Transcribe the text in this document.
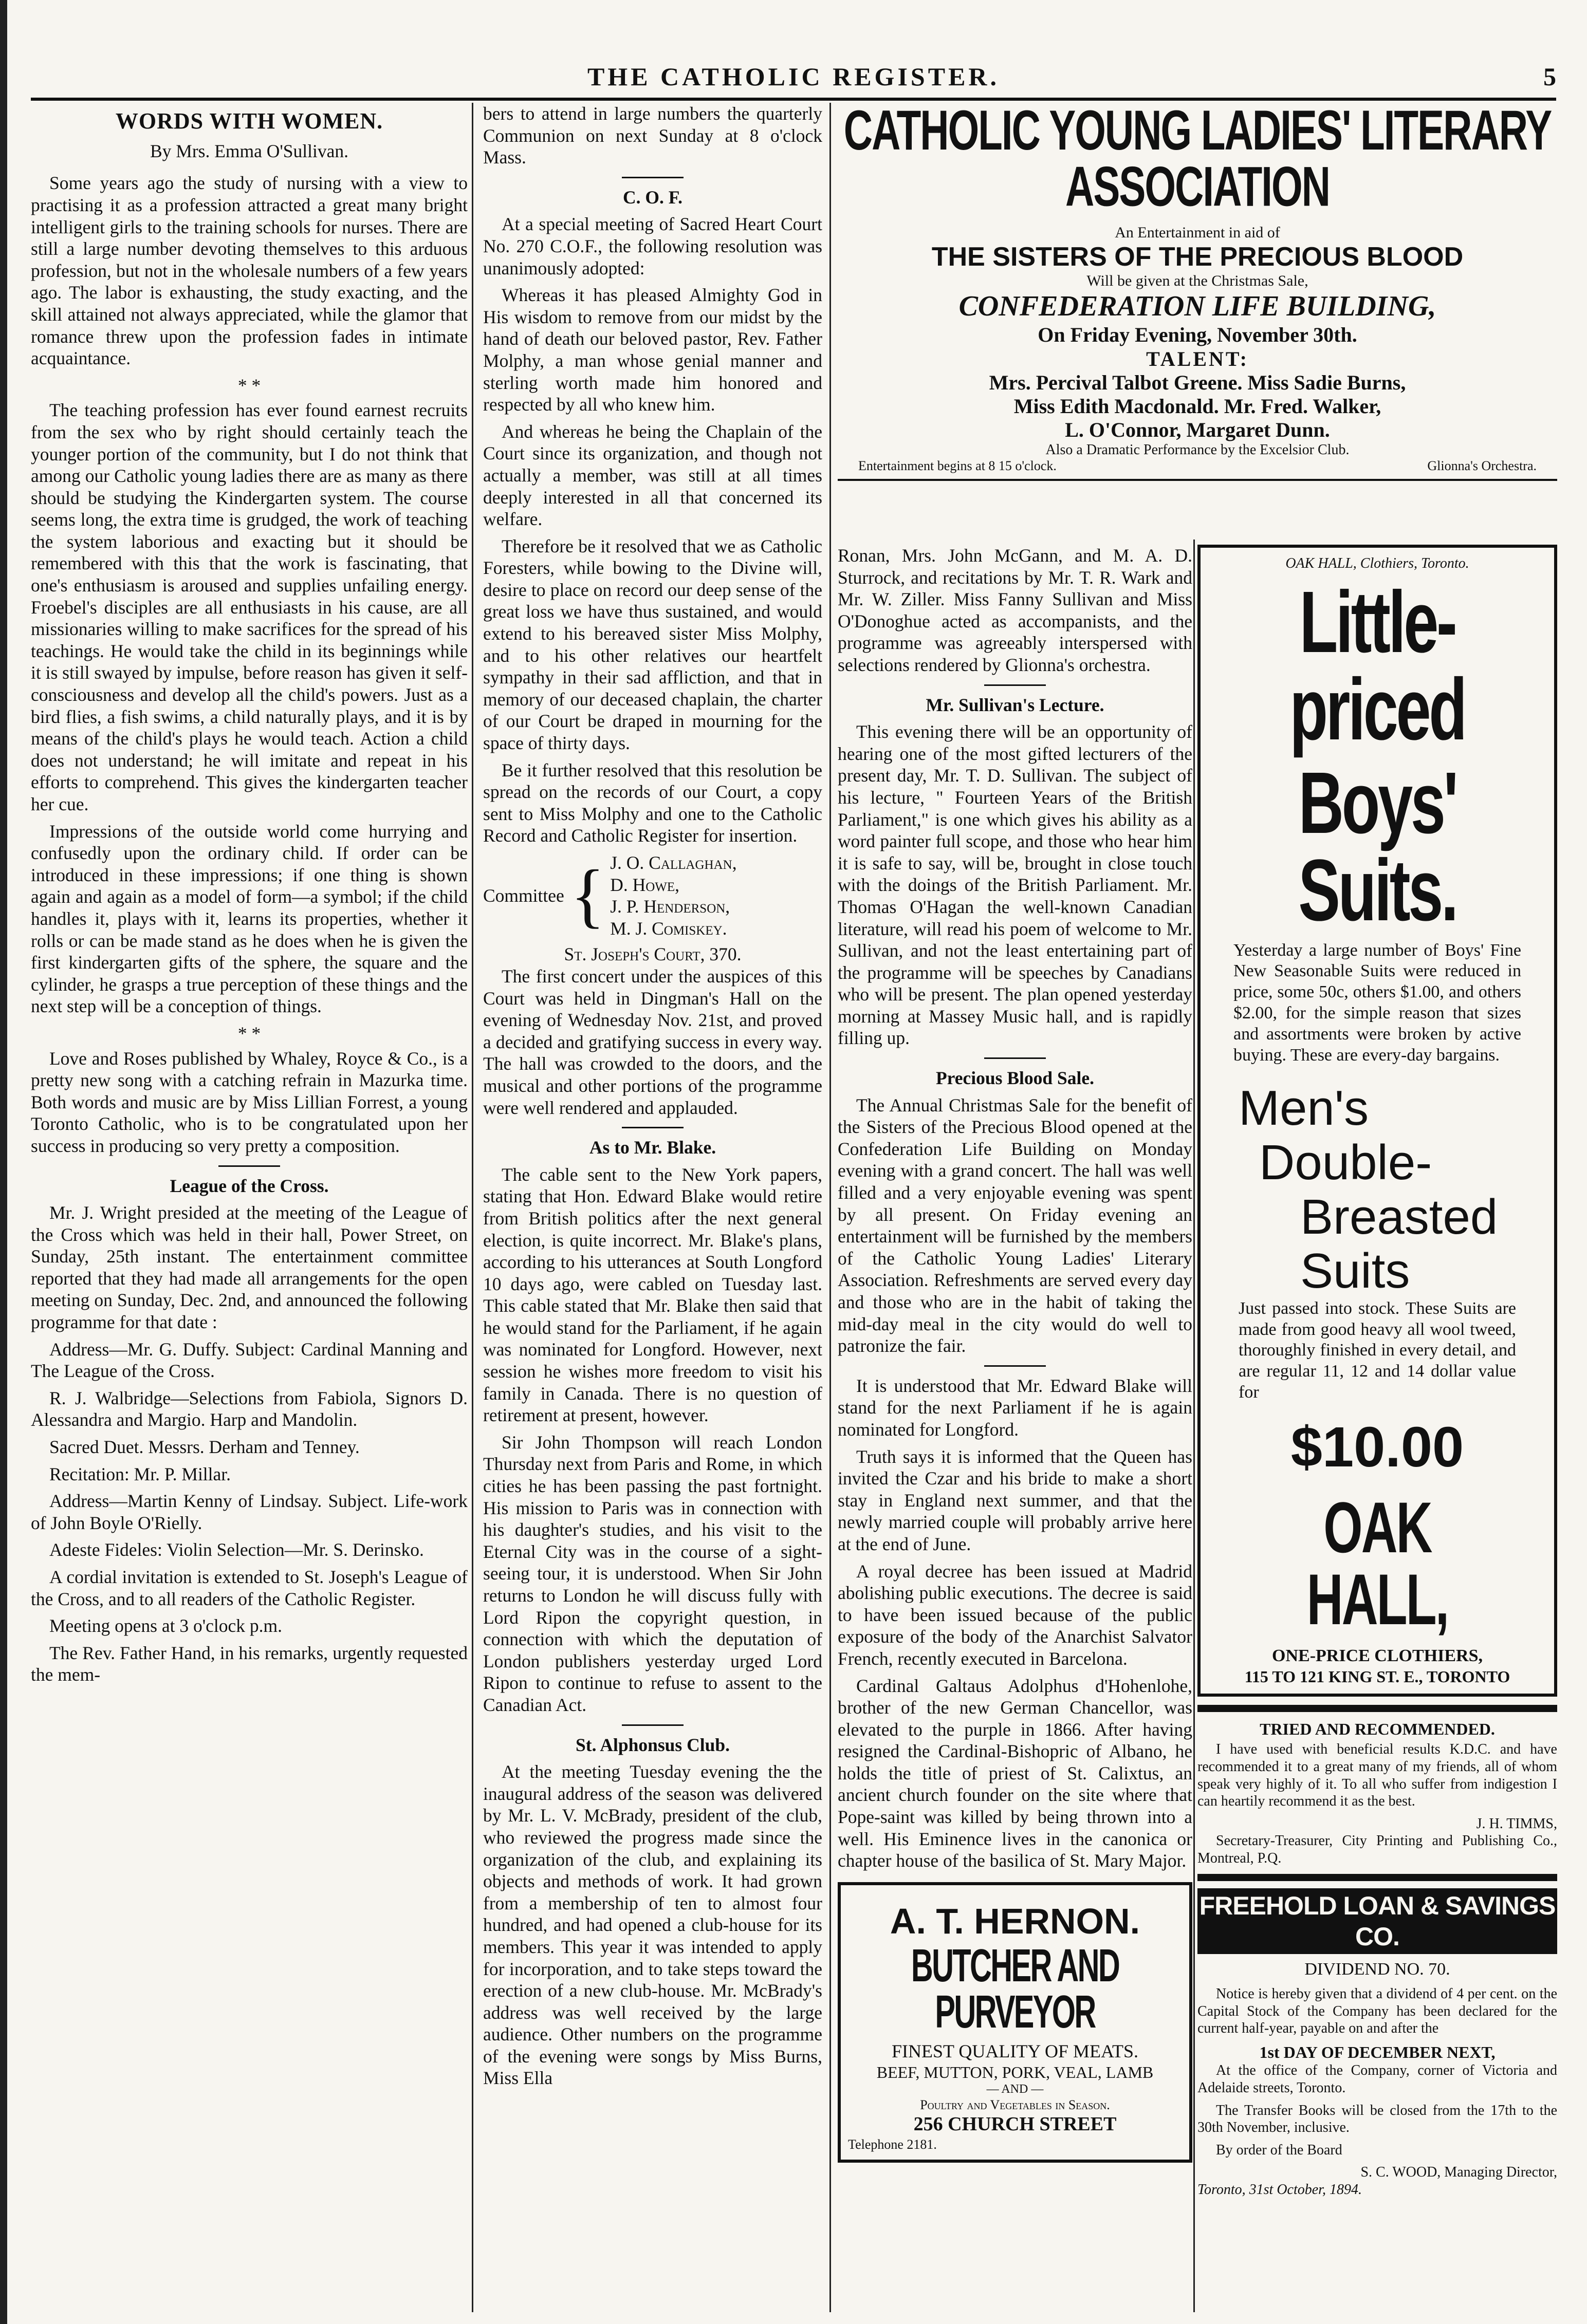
THE CATHOLIC REGISTER.	5
WORDS WITH WOMEN.
By Mrs. Emma O'Sullivan.

Some years ago the study of nursing with a view to practising it as a profession attracted a great many bright intelligent girls to the training schools for nurses. There are still a large number devoting themselves to this arduous profession, but not in the wholesale numbers of a few years ago. The labor is exhausting, the study exacting, and the skill attained not always appreciated, while the glamor that romance threw upon the profession fades in intimate acquaintance.

* *

The teaching profession has ever found earnest recruits from the sex who by right should certainly teach the younger portion of the community, but I do not think that among our Catholic young ladies there are as many as there should be studying the Kindergarten system. The course seems long, the extra time is grudged, the work of teaching the system laborious and exacting but it should be remembered with this that the work is fascinating, that one's enthusiasm is aroused and supplies unfailing energy. Froebel's disciples are all enthusiasts in his cause, are all missionaries willing to make sacrifices for the spread of his teachings. He would take the child in its beginnings while it is still swayed by impulse, before reason has given it self-consciousness and develop all the child's powers. Just as a bird flies, a fish swims, a child naturally plays, and it is by means of the child's plays he would teach. Action a child does not understand; he will imitate and repeat in his efforts to comprehend. This gives the kindergarten teacher her cue.

Impressions of the outside world come hurrying and confusedly upon the ordinary child. If order can be introduced in these impressions; if one thing is shown again and again as a model of form—a symbol; if the child handles it, plays with it, learns its properties, whether it rolls or can be made stand as he does when he is given the first kindergarten gifts of the sphere, the square and the cylinder, he grasps a true perception of these things and the next step will be a conception of things.

* *

Love and Roses published by Whaley, Royce & Co., is a pretty new song with a catching refrain in Mazurka time. Both words and music are by Miss Lillian Forrest, a young Toronto Catholic, who is to be congratulated upon her success in producing so very pretty a composition.

League of the Cross.

Mr. J. Wright presided at the meeting of the League of the Cross which was held in their hall, Power Street, on Sunday, 25th instant. The entertainment committee reported that they had made all arrangements for the open meeting on Sunday, Dec. 2nd, and announced the following programme for that date :

Address—Mr. G. Duffy. Subject: Cardinal Manning and The League of the Cross.

R. J. Walbridge—Selections from Fabiola, Signors D. Alessandra and Margio. Harp and Mandolin.

Sacred Duet. Messrs. Derham and Tenney.

Recitation: Mr. P. Millar.

Address—Martin Kenny of Lindsay. Subject. Life-work of John Boyle O'Rielly.

Adeste Fideles: Violin Selection—Mr. S. Derinsko.

A cordial invitation is extended to St. Joseph's League of the Cross, and to all readers of the Catholic Register.

Meeting opens at 3 o'clock p.m.

The Rev. Father Hand, in his remarks, urgently requested the mem-

bers to attend in large numbers the quarterly Communion on next Sunday at 8 o'clock Mass.

C. O. F.

At a special meeting of Sacred Heart Court No. 270 C.O.F., the following resolution was unanimously adopted:

Whereas it has pleased Almighty God in His wisdom to remove from our midst by the hand of death our beloved pastor, Rev. Father Molphy, a man whose genial manner and sterling worth made him honored and respected by all who knew him.

And whereas he being the Chaplain of the Court since its organization, and though not actually a member, was still at all times deeply interested in all that concerned its welfare.

Therefore be it resolved that we as Catholic Foresters, while bowing to the Divine will, desire to place on record our deep sense of the great loss we have thus sustained, and would extend to his bereaved sister Miss Molphy, and to his other relatives our heartfelt sympathy in their sad affliction, and that in memory of our deceased chaplain, the charter of our Court be draped in mourning for the space of thirty days.

Be it further resolved that this resolution be spread on the records of our Court, a copy sent to Miss Molphy and one to the Catholic Record and Catholic Register for insertion.

Committee { J. O. Callaghan,
D. Howe,
J. P. Henderson,
M. J. Comiskey.
St. Joseph's Court, 370.

The first concert under the auspices of this Court was held in Dingman's Hall on the evening of Wednesday Nov. 21st, and proved a decided and gratifying success in every way. The hall was crowded to the doors, and the musical and other portions of the programme were well rendered and applauded.

As to Mr. Blake.

The cable sent to the New York papers, stating that Hon. Edward Blake would retire from British politics after the next general election, is quite incorrect. Mr. Blake's plans, according to his utterances at South Longford 10 days ago, were cabled on Tuesday last. This cable stated that Mr. Blake then said that he would stand for the Parliament, if he again was nominated for Longford. However, next session he wishes more freedom to visit his family in Canada. There is no question of retirement at present, however.

Sir John Thompson will reach London Thursday next from Paris and Rome, in which cities he has been passing the past fortnight. His mission to Paris was in connection with his daughter's studies, and his visit to the Eternal City was in the course of a sight-seeing tour, it is understood. When Sir John returns to London he will discuss fully with Lord Ripon the copyright question, in connection with which the deputation of London publishers yesterday urged Lord Ripon to continue to refuse to assent to the Canadian Act.

St. Alphonsus Club.

At the meeting Tuesday evening the the inaugural address of the season was delivered by Mr. L. V. McBrady, president of the club, who reviewed the progress made since the organization of the club, and explaining its objects and methods of work. It had grown from a membership of ten to almost four hundred, and had opened a club-house for its members. This year it was intended to apply for incorporation, and to take steps toward the erection of a new club-house. Mr. McBrady's address was well received by the large audience. Other numbers on the programme of the evening were songs by Miss Burns, Miss Ella

CATHOLIC YOUNG LADIES' LITERARY ASSOCIATION
An Entertainment in aid of
THE SISTERS OF THE PRECIOUS BLOOD
Will be given at the Christmas Sale,
CONFEDERATION LIFE BUILDING,
On Friday Evening, November 30th.
TALENT:
Mrs. Percival Talbot Greene. Miss Sadie Burns,
Miss Edith Macdonald. Mr. Fred. Walker,
L. O'Connor, Margaret Dunn.
Also a Dramatic Performance by the Excelsior Club.
Entertainment begins at 8 15 o'clock.	Glionna's Orchestra.

Ronan, Mrs. John McGann, and M. A. D. Sturrock, and recitations by Mr. T. R. Wark and Mr. W. Ziller. Miss Fanny Sullivan and Miss O'Donoghue acted as accompanists, and the programme was agreeably interspersed with selections rendered by Glionna's orchestra.

Mr. Sullivan's Lecture.

This evening there will be an opportunity of hearing one of the most gifted lecturers of the present day, Mr. T. D. Sullivan. The subject of his lecture, " Fourteen Years of the British Parliament," is one which gives his ability as a word painter full scope, and those who hear him it is safe to say, will be, brought in close touch with the doings of the British Parliament. Mr. Thomas O'Hagan the well-known Canadian literature, will read his poem of welcome to Mr. Sullivan, and not the least entertaining part of the programme will be speeches by Canadians who will be present. The plan opened yesterday morning at Massey Music hall, and is rapidly filling up.

Precious Blood Sale.

The Annual Christmas Sale for the benefit of the Sisters of the Precious Blood opened at the Confederation Life Building on Monday evening with a grand concert. The hall was well filled and a very enjoyable evening was spent by all present. On Friday evening an entertainment will be furnished by the members of the Catholic Young Ladies' Literary Association. Refreshments are served every day and those who are in the habit of taking the mid-day meal in the city would do well to patronize the fair.

It is understood that Mr. Edward Blake will stand for the next Parliament if he is again nominated for Longford.

Truth says it is informed that the Queen has invited the Czar and his bride to make a short stay in England next summer, and that the newly married couple will probably arrive here at the end of June.

A royal decree has been issued at Madrid abolishing public executions. The decree is said to have been issued because of the public exposure of the body of the Anarchist Salvator French, recently executed in Barcelona.

Cardinal Galtaus Adolphus d'Hohenlohe, brother of the new German Chancellor, was elevated to the purple in 1866. After having resigned the Cardinal-Bishopric of Albano, he holds the title of priest of St. Calixtus, an ancient church founder on the site where that Pope-saint was killed by being thrown into a well. His Eminence lives in the canonica or chapter house of the basilica of St. Mary Major.

A. T. HERNON.
BUTCHER AND PURVEYOR
FINEST QUALITY OF MEATS.
BEEF, MUTTON, PORK, VEAL, LAMB
— AND —
Poultry and Vegetables in Season.
256 CHURCH STREET
Telephone 2181.
OAK HALL, Clothiers, Toronto.
Little-priced
Boys' Suits.

Yesterday a large number of Boys' Fine New Seasonable Suits were reduced in price, some 50c, others $1.00, and others $2.00, for the simple reason that sizes and assortments were broken by active buying. These are every-day bargains.

Men's
Double-
Breasted
Suits

Just passed into stock. These Suits are made from good heavy all wool tweed, thoroughly finished in every detail, and are regular 11, 12 and 14 dollar value for

$10.00
OAK HALL,
ONE-PRICE CLOTHIERS,
115 TO 121 KING ST. E., TORONTO
TRIED AND RECOMMENDED.

I have used with beneficial results K.D.C. and have recommended it to a great many of my friends, all of whom speak very highly of it. To all who suffer from indigestion I can heartily recommend it as the best.

J. H. TIMMS,

Secretary-Treasurer, City Printing and Publishing Co., Montreal, P.Q.

FREEHOLD LOAN & SAVINGS CO.
DIVIDEND NO. 70.

Notice is hereby given that a dividend of 4 per cent. on the Capital Stock of the Company has been declared for the current half-year, payable on and after the

1st DAY OF DECEMBER NEXT,

At the office of the Company, corner of Victoria and Adelaide streets, Toronto.

The Transfer Books will be closed from the 17th to the 30th November, inclusive.

By order of the Board

S. C. WOOD, Managing Director,
Toronto, 31st October, 1894.
